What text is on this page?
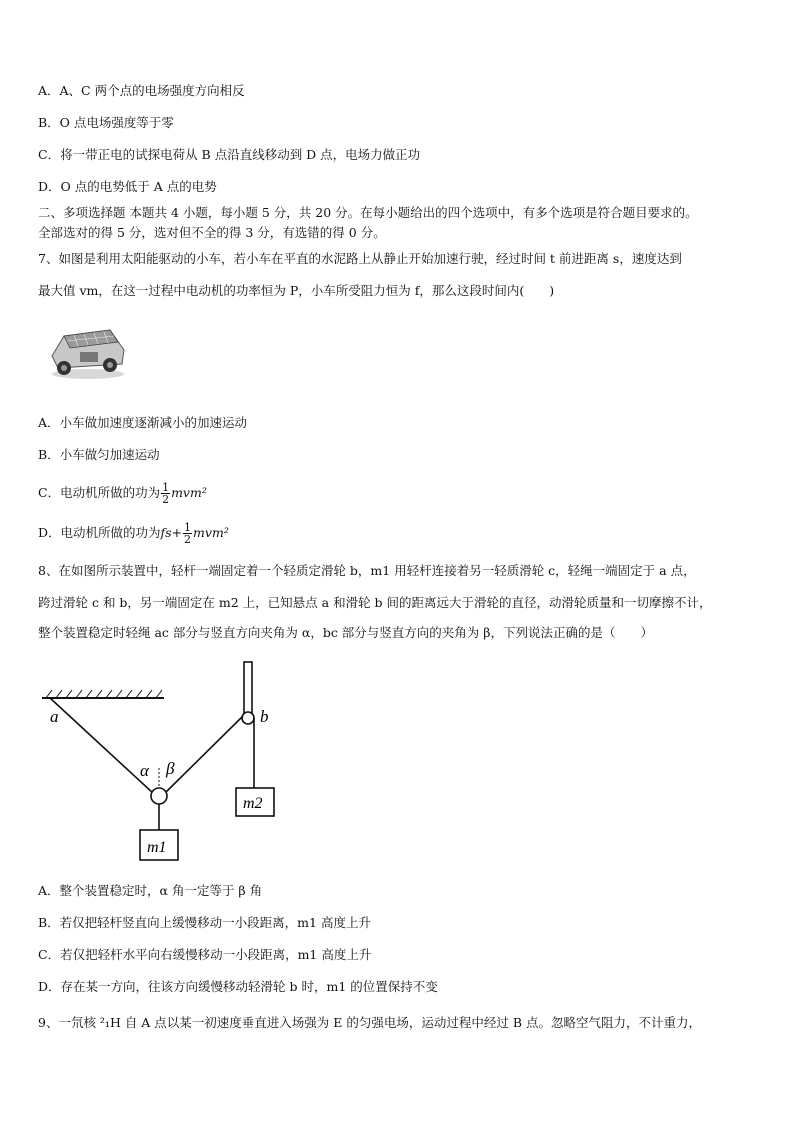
A．A、C 两个点的电场强度方向相反
B．O 点电场强度等于零
C．将一带正电的试探电荷从 B 点沿直线移动到 D 点，电场力做正功
D．O 点的电势低于 A 点的电势
二、多项选择题 本题共 4 小题，每小题 5 分，共 20 分。在每小题给出的四个选项中，有多个选项是符合题目要求的。
全部选对的得 5 分，选对但不全的得 3 分，有选错的得 0 分。
7、如图是利用太阳能驱动的小车，若小车在平直的水泥路上从静止开始加速行驶，经过时间 t 前进距离 s，速度达到
最大值 vm，在这一过程中电动机的功率恒为 P，小车所受阻力恒为 f，那么这段时间内(　　)
A．小车做加速度逐渐减小的加速运动
B．小车做匀加速运动
C．电动机所做的功为 $\frac{1}{2} mvm^2$
D．电动机所做的功为$fs+ \frac{1}{2} mvm^2$
8、在如图所示装置中，轻杆一端固定着一个轻质定滑轮 b，m1 用轻杆连接着另一轻质滑轮 c，轻绳一端固定于 a 点，
跨过滑轮 c 和 b，另一端固定在 m2 上，已知悬点 a 和滑轮 b 间的距离远大于滑轮的直径，动滑轮质量和一切摩擦不计，
整个装置稳定时轻绳 ac 部分与竖直方向夹角为 α，bc 部分与竖直方向的夹角为 β，下列说法正确的是（　　）
a	b
α β
m1
m2
A．整个装置稳定时，α 角一定等于 β 角
B．若仅把轻杆竖直向上缓慢移动一小段距离，m1 高度上升
C．若仅把轻杆水平向右缓慢移动一小段距离，m1 高度上升
D．存在某一方向，往该方向缓慢移动轻滑轮 b 时，m1 的位置保持不变
9、一氘核 ²₁H 自 A 点以某一初速度垂直进入场强为 E 的匀强电场，运动过程中经过 B 点。忽略空气阻力，不计重力，
